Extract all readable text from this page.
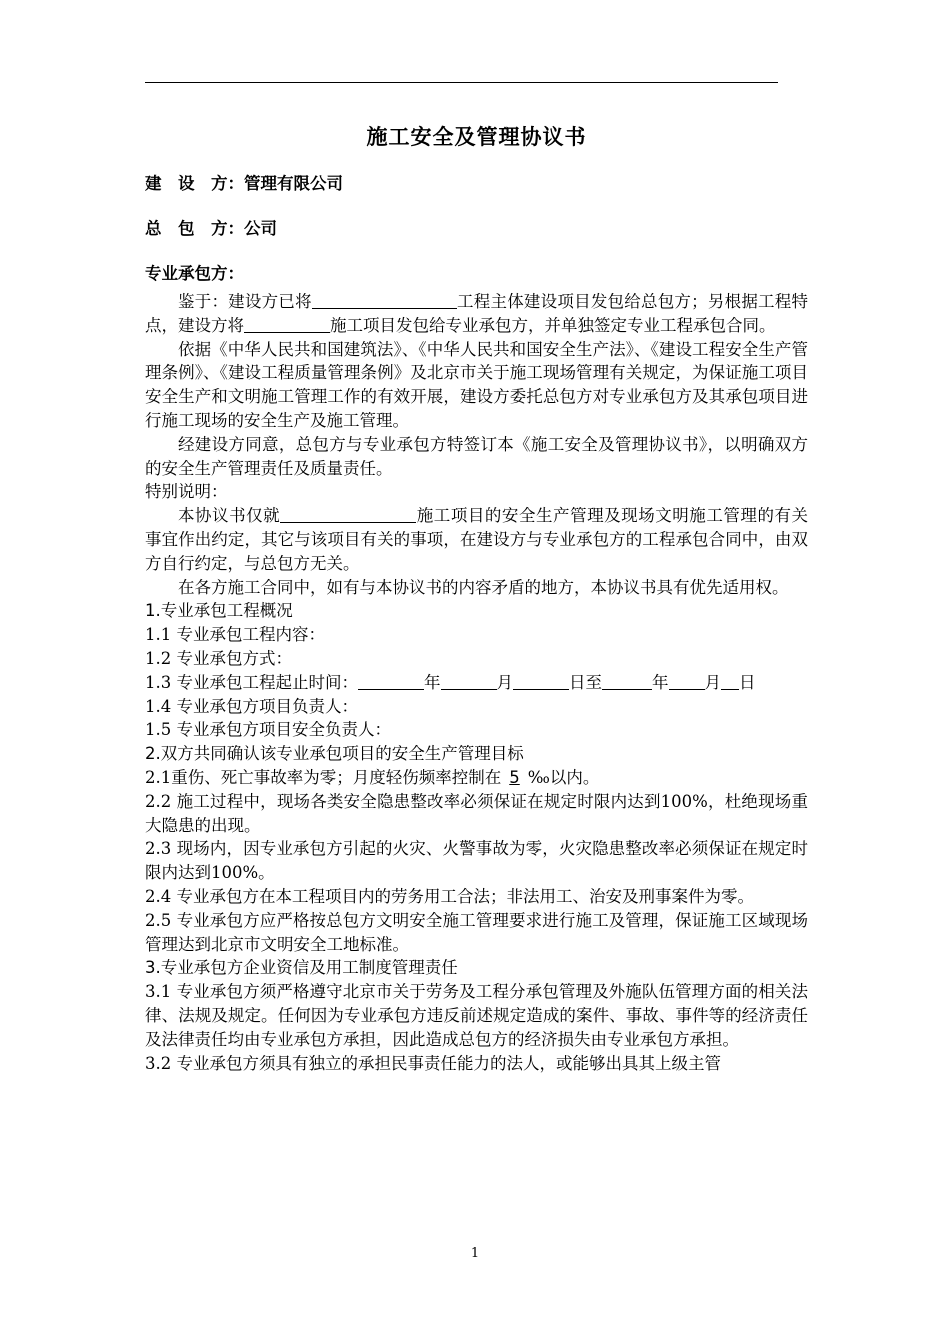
施工安全及管理协议书
建　设　方：管理有限公司
总　包　方：公司
专业承包方：

鉴于：建设方已将	工程主体建设项目发包给总包方；另根据工程特点，建设方将	施工项目发包给专业承包方，并单独签定专业工程承包合同。

依据《中华人民共和国建筑法》、《中华人民共和国安全生产法》、《建设工程安全生产管理条例》、《建设工程质量管理条例》及北京市关于施工现场管理有关规定，为保证施工项目安全生产和文明施工管理工作的有效开展，建设方委托总包方对专业承包方及其承包项目进行施工现场的安全生产及施工管理。

经建设方同意，总包方与专业承包方特签订本《施工安全及管理协议书》，以明确双方的安全生产管理责任及质量责任。

特别说明：

本协议书仅就	施工项目的安全生产管理及现场文明施工管理的有关事宜作出约定，其它与该项目有关的事项，在建设方与专业承包方的工程承包合同中，由双方自行约定，与总包方无关。

在各方施工合同中，如有与本协议书的内容矛盾的地方，本协议书具有优先适用权。

1.专业承包工程概况

1.1 专业承包工程内容：

1.2 专业承包方式：

1.3 专业承包工程起止时间：	年	月	日至	年 月 日

1.4 专业承包方项目负责人：

1.5 专业承包方项目安全负责人：

2.双方共同确认该专业承包项目的安全生产管理目标

2.1重伤、死亡事故率为零；月度轻伤频率控制在 5 ‰以内。

2.2 施工过程中，现场各类安全隐患整改率必须保证在规定时限内达到100%，杜绝现场重大隐患的出现。

2.3 现场内，因专业承包方引起的火灾、火警事故为零，火灾隐患整改率必须保证在规定时限内达到100%。

2.4 专业承包方在本工程项目内的劳务用工合法；非法用工、治安及刑事案件为零。

2.5 专业承包方应严格按总包方文明安全施工管理要求进行施工及管理，保证施工区域现场管理达到北京市文明安全工地标准。

3.专业承包方企业资信及用工制度管理责任

3.1 专业承包方须严格遵守北京市关于劳务及工程分承包管理及外施队伍管理方面的相关法律、法规及规定。任何因为专业承包方违反前述规定造成的案件、事故、事件等的经济责任及法律责任均由专业承包方承担，因此造成总包方的经济损失由专业承包方承担。

3.2 专业承包方须具有独立的承担民事责任能力的法人，或能够出具其上级主管

1
